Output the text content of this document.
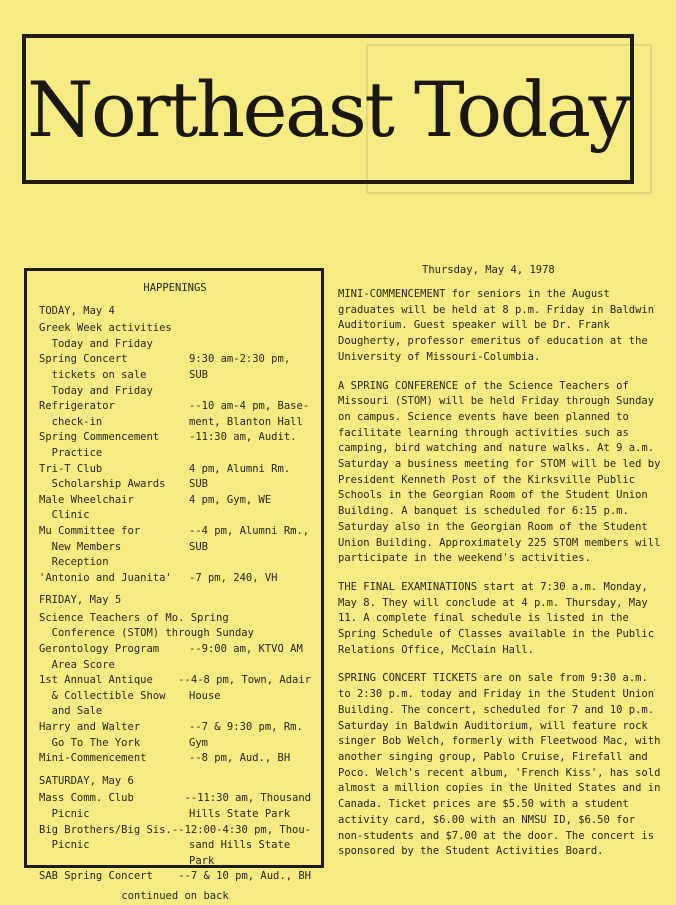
Northeast Today
Thursday, May 4, 1978
HAPPENINGS
TODAY, May 4
Greek Week activities
Today and Friday
Spring Concert	9:30 am-2:30 pm,
tickets on sale	SUB
Today and Friday
Refrigerator	--10 am-4 pm, Base-
check-in	ment, Blanton Hall
Spring Commencement	-11:30 am, Audit.
Practice
Tri-T Club	4 pm, Alumni Rm.
Scholarship Awards	SUB
Male Wheelchair	4 pm, Gym, WE
Clinic
Mu Committee for	--4 pm, Alumni Rm.,
New Members	SUB
Reception
'Antonio and Juanita'	-7 pm, 240, VH
FRIDAY, May 5
Science Teachers of Mo. Spring
Conference (STOM) through Sunday
Gerontology Program	--9:00 am, KTVO AM
Area Score
1st Annual Antique	--4-8 pm, Town, Adair
& Collectible Show	House
and Sale
Harry and Walter	--7 & 9:30 pm, Rm.
Go To The York	Gym
Mini-Commencement	--8 pm, Aud., BH
SATURDAY, May 6
Mass Comm. Club	--11:30 am, Thousand
Picnic	Hills State Park
Big Brothers/Big Sis. --12:00-4:30 pm, Thou-
Picnic	sand Hills State
Park
SAB Spring Concert	--7 & 10 pm, Aud., BH
continued on back

MINI-COMMENCEMENT for seniors in the August graduates will be held at 8 p.m. Friday in Baldwin Auditorium. Guest speaker will be Dr. Frank Dougherty, professor emeritus of education at the University of Missouri-Columbia.

A SPRING CONFERENCE of the Science Teachers of Missouri (STOM) will be held Friday through Sunday on campus. Science events have been planned to facilitate learning through activities such as camping, bird watching and nature walks. At 9 a.m. Saturday a business meeting for STOM will be led by President Kenneth Post of the Kirksville Public Schools in the Georgian Room of the Student Union Building. A banquet is scheduled for 6:15 p.m. Saturday also in the Georgian Room of the Student Union Building. Approximately 225 STOM members will participate in the weekend's activities.

THE FINAL EXAMINATIONS start at 7:30 a.m. Monday, May 8. They will conclude at 4 p.m. Thursday, May 11. A complete final schedule is listed in the Spring Schedule of Classes available in the Public Relations Office, McClain Hall.

SPRING CONCERT TICKETS are on sale from 9:30 a.m. to 2:30 p.m. today and Friday in the Student Union Building. The concert, scheduled for 7 and 10 p.m. Saturday in Baldwin Auditorium, will feature rock singer Bob Welch, formerly with Fleetwood Mac, with another singing group, Pablo Cruise, Firefall and Poco. Welch's recent album, 'French Kiss', has sold almost a million copies in the United States and in Canada. Ticket prices are $5.50 with a student activity card, $6.00 with an NMSU ID, $6.50 for non-students and $7.00 at the door. The concert is sponsored by the Student Activities Board.
